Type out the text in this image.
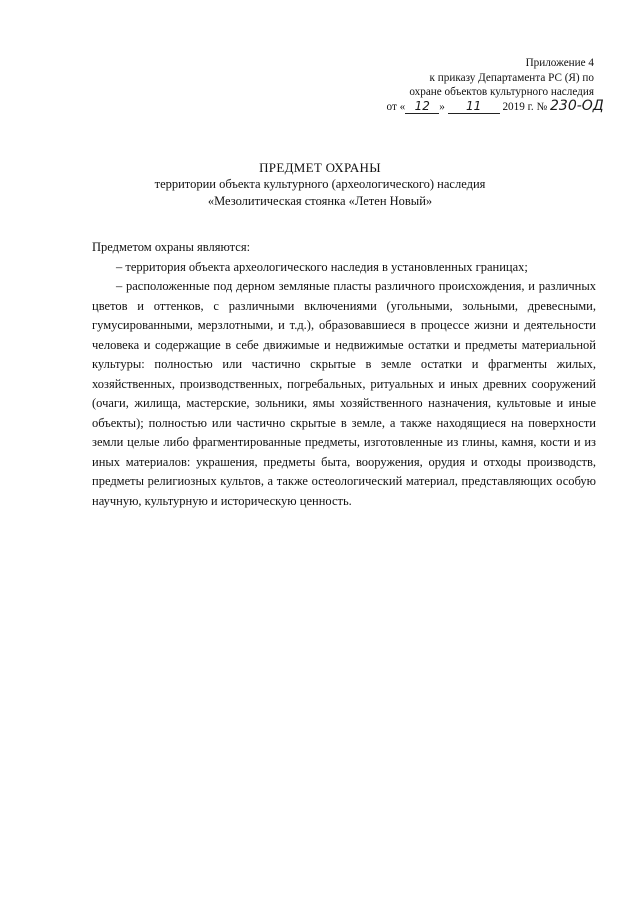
Приложение 4
к приказу Департамента РС (Я) по
охране объектов культурного наследия
от « 12 » 11 2019 г. № 230-ОД
ПРЕДМЕТ ОХРАНЫ
территории объекта культурного (археологического) наследия
«Мезолитическая стоянка «Летен Новый»

Предметом охраны являются:

– территория объекта археологического наследия в установленных границах;

– расположенные под дерном земляные пласты различного происхождения, и различных цветов и оттенков, с различными включениями (угольными, зольными, древесными, гумусированными, мерзлотными, и т.д.), образовавшиеся в процессе жизни и деятельности человека и содержащие в себе движимые и недвижимые остатки и предметы материальной культуры: полностью или частично скрытые в земле остатки и фрагменты жилых, хозяйственных, производственных, погребальных, ритуальных и иных древних сооружений (очаги, жилища, мастерские, зольники, ямы хозяйственного назначения, культовые и иные объекты); полностью или частично скрытые в земле, а также находящиеся на поверхности земли целые либо фрагментированные предметы, изготовленные из глины, камня, кости и из иных материалов: украшения, предметы быта, вооружения, орудия и отходы производств, предметы религиозных культов, а также остеологический материал, представляющих особую научную, культурную и историческую ценность.
